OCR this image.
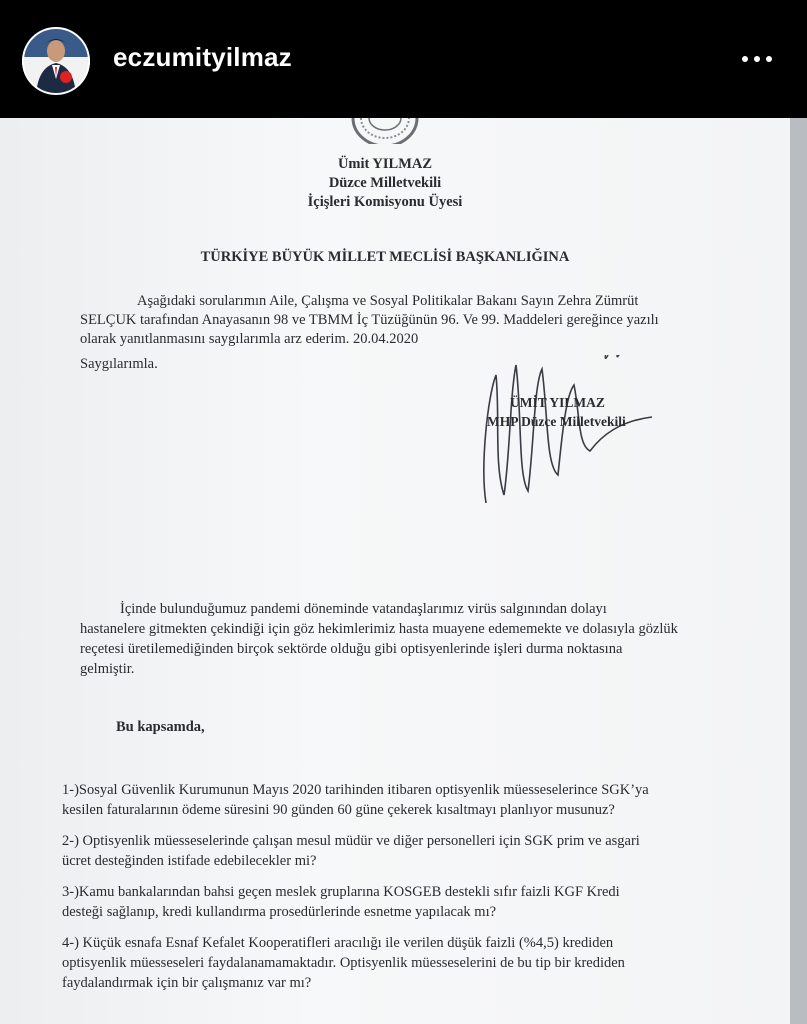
eczumityilmaz
Ümit YILMAZ
Düzce Milletvekili
İçişleri Komisyonu Üyesi
TÜRKİYE BÜYÜK MİLLET MECLİSİ BAŞKANLIĞINA
Aşağıdaki sorularımın Aile, Çalışma ve Sosyal Politikalar Bakanı Sayın Zehra Zümrüt
SELÇUK tarafından Anayasanın 98 ve TBMM İç Tüzüğünün 96. Ve 99. Maddeleri gereğince yazılı
olarak yanıtlanmasını saygılarımla arz ederim. 20.04.2020
Saygılarımla.
ÜMİT YILMAZ
MHP Düzce Milletvekili
İçinde bulunduğumuz pandemi döneminde vatandaşlarımız virüs salgınından dolayı
hastanelere gitmekten çekindiği için göz hekimlerimiz hasta muayene edememekte ve dolasıyla gözlük
reçetesi üretilemediğinden birçok sektörde olduğu gibi optisyenlerinde işleri durma noktasına
gelmiştir.
Bu kapsamda,
1-)Sosyal Güvenlik Kurumunun Mayıs 2020 tarihinden itibaren optisyenlik müesseselerince SGK’ya
kesilen faturalarının ödeme süresini 90 günden 60 güne çekerek kısaltmayı planlıyor musunuz?
2-) Optisyenlik müesseselerinde çalışan mesul müdür ve diğer personelleri için SGK prim ve asgari
ücret desteğinden istifade edebilecekler mi?
3-)Kamu bankalarından bahsi geçen meslek gruplarına KOSGEB destekli sıfır faizli KGF Kredi
desteği sağlanıp, kredi kullandırma prosedürlerinde esnetme yapılacak mı?
4-) Küçük esnafa Esnaf Kefalet Kooperatifleri aracılığı ile verilen düşük faizli (%4,5) krediden
optisyenlik müesseseleri faydalanamamaktadır. Optisyenlik müesseselerini de bu tip bir krediden
faydalandırmak için bir çalışmanız var mı?
